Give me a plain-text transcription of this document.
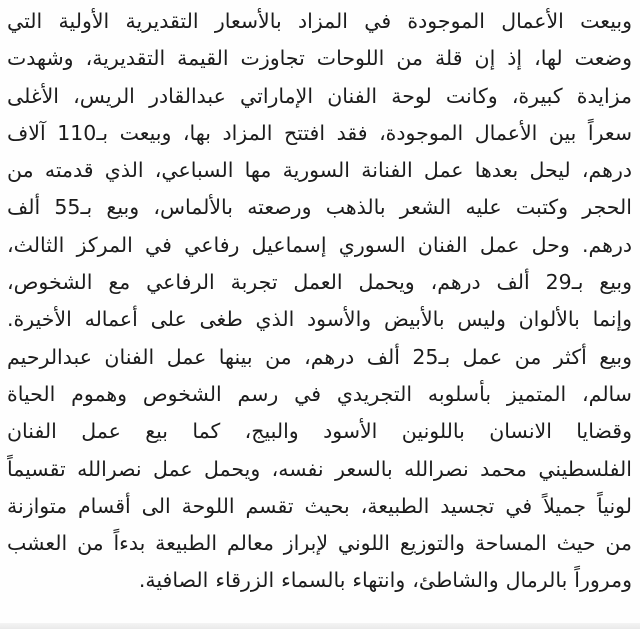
وبيعت الأعمال الموجودة في المزاد بالأسعار التقديرية الأولية التي
وضعت لها، إذ إن قلة من اللوحات تجاوزت القيمة التقديرية، وشهدت
مزايدة كبيرة، وكانت لوحة الفنان الإماراتي عبدالقادر الريس، الأغلى
سعراً بين الأعمال الموجودة، فقد افتتح المزاد بها، وبيعت بـ110 آلاف
درهم، ليحل بعدها عمل الفنانة السورية مها السباعي، الذي قدمته من
الحجر وكتبت عليه الشعر بالذهب ورصعته بالألماس، وبيع بـ55 ألف
درهم. وحل عمل الفنان السوري إسماعيل رفاعي في المركز الثالث،
وبيع بـ29 ألف درهم، ويحمل العمل تجربة الرفاعي مع الشخوص،
وإنما بالألوان وليس بالأبيض والأسود الذي طغى على أعماله الأخيرة.
وبيع أكثر من عمل بـ25 ألف درهم، من بينها عمل الفنان عبدالرحيم
سالم، المتميز بأسلوبه التجريدي في رسم الشخوص وهموم الحياة
وقضايا الانسان باللونين الأسود والبيج، كما بيع عمل الفنان
الفلسطيني محمد نصرالله بالسعر نفسه، ويحمل عمل نصرالله تقسيماً
لونياً جميلاً في تجسيد الطبيعة، بحيث تقسم اللوحة الى أقسام متوازنة
من حيث المساحة والتوزيع اللوني لإبراز معالم الطبيعة بدءاً من العشب
ومروراً بالرمال والشاطئ، وانتهاء بالسماء الزرقاء الصافية.
